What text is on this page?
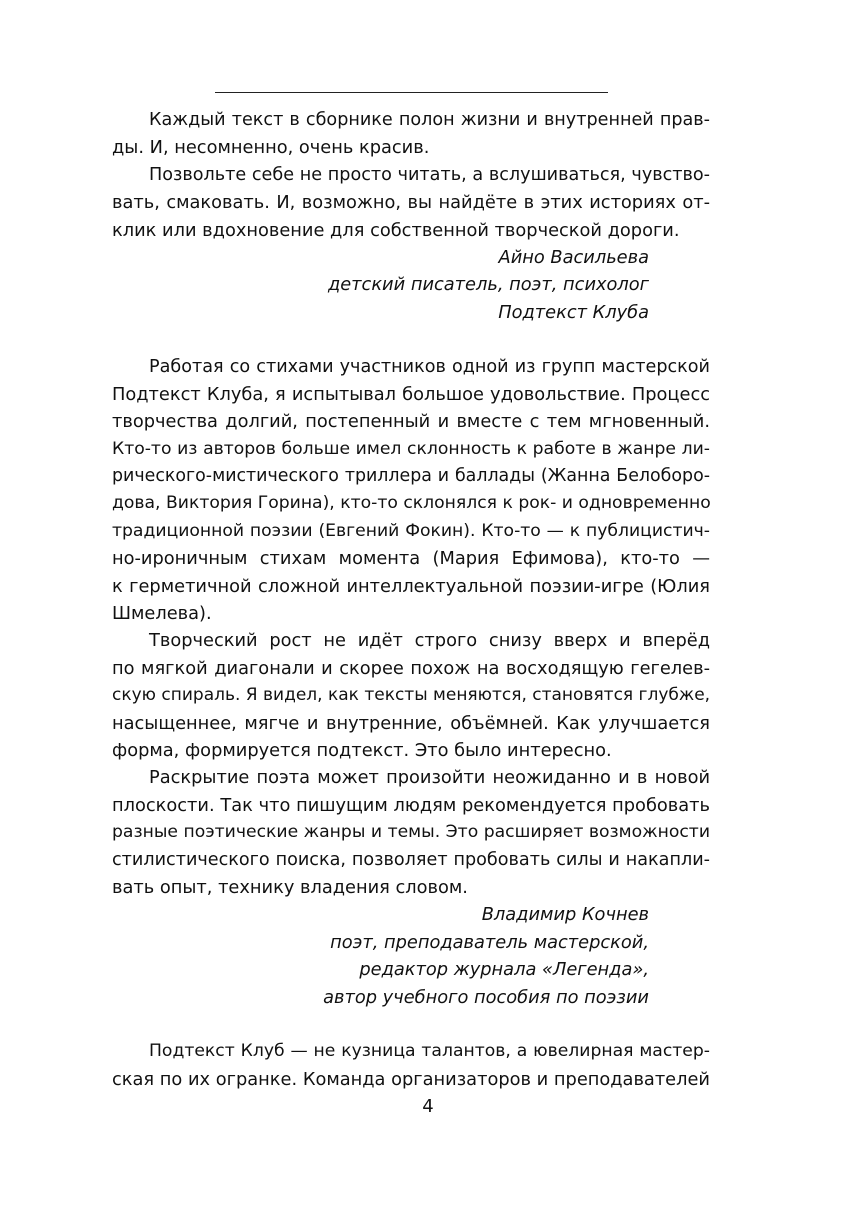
Каждый текст в сборнике полон жизни и внутренней прав-
ды. И, несомненно, очень красив.
Позвольте себе не просто читать, а вслушиваться, чувство-
вать, смаковать. И, возможно, вы найдёте в этих историях от-
клик или вдохновение для собственной творческой дороги.
Айно Васильева
детский писатель, поэт, психолог
Подтекст Клуба
Работая со стихами участников одной из групп мастерской
Подтекст Клуба, я испытывал большое удовольствие. Процесс
творчества долгий, постепенный и вместе с тем мгновенный.
Кто-то из авторов больше имел склонность к работе в жанре ли-
рического-мистического триллера и баллады (Жанна Белоборо-
дова, Виктория Горина), кто-то склонялся к рок- и одновременно
традиционной поэзии (Евгений Фокин). Кто-то — к публицистич-
но-ироничным стихам момента (Мария Ефимова), кто-то —
к герметичной сложной интеллектуальной поэзии-игре (Юлия
Шмелева).
Творческий рост не идёт строго снизу вверх и вперёд
по мягкой диагонали и скорее похож на восходящую гегелев-
скую спираль. Я видел, как тексты меняются, становятся глубже,
насыщеннее, мягче и внутренние, объёмней. Как улучшается
форма, формируется подтекст. Это было интересно.
Раскрытие поэта может произойти неожиданно и в новой
плоскости. Так что пишущим людям рекомендуется пробовать
разные поэтические жанры и темы. Это расширяет возможности
стилистического поиска, позволяет пробовать силы и накапли-
вать опыт, технику владения словом.
Владимир Кочнев
поэт, преподаватель мастерской,
редактор журнала «Легенда»,
автор учебного пособия по поэзии
Подтекст Клуб — не кузница талантов, а ювелирная мастер-
ская по их огранке. Команда организаторов и преподавателей
4
